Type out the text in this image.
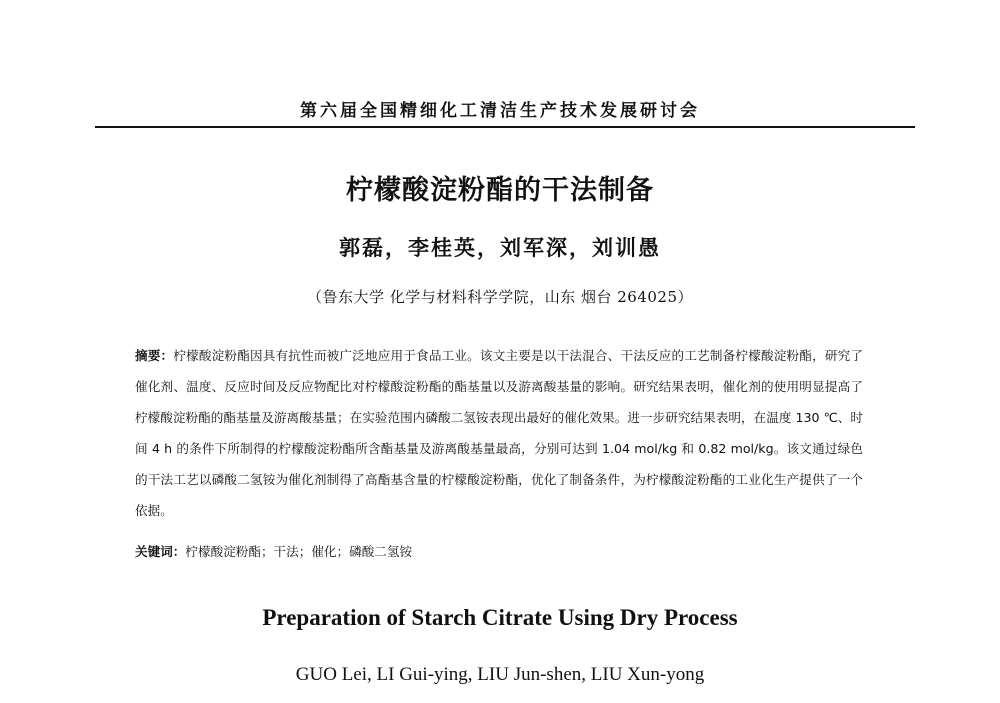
第六届全国精细化工清洁生产技术发展研讨会
柠檬酸淀粉酯的干法制备
郭磊，李桂英，刘军深，刘训愚
（鲁东大学 化学与材料科学学院，山东 烟台 264025）
摘要：柠檬酸淀粉酯因具有抗性而被广泛地应用于食品工业。该文主要是以干法混合、干法反应的工艺制备柠檬酸淀粉酯，研究了催化剂、温度、反应时间及反应物配比对柠檬酸淀粉酯的酯基量以及游离酸基量的影响。研究结果表明，催化剂的使用明显提高了柠檬酸淀粉酯的酯基量及游离酸基量；在实验范围内磷酸二氢铵表现出最好的催化效果。进一步研究结果表明，在温度 130 ℃、时间 4 h 的条件下所制得的柠檬酸淀粉酯所含酯基量及游离酸基量最高，分别可达到 1.04 mol/kg 和 0.82 mol/kg。该文通过绿色的干法工艺以磷酸二氢铵为催化剂制得了高酯基含量的柠檬酸淀粉酯，优化了制备条件，为柠檬酸淀粉酯的工业化生产提供了一个依据。
关键词：柠檬酸淀粉酯；干法；催化；磷酸二氢铵
Preparation of Starch Citrate Using Dry Process
GUO Lei, LI Gui-ying, LIU Jun-shen, LIU Xun-yong
